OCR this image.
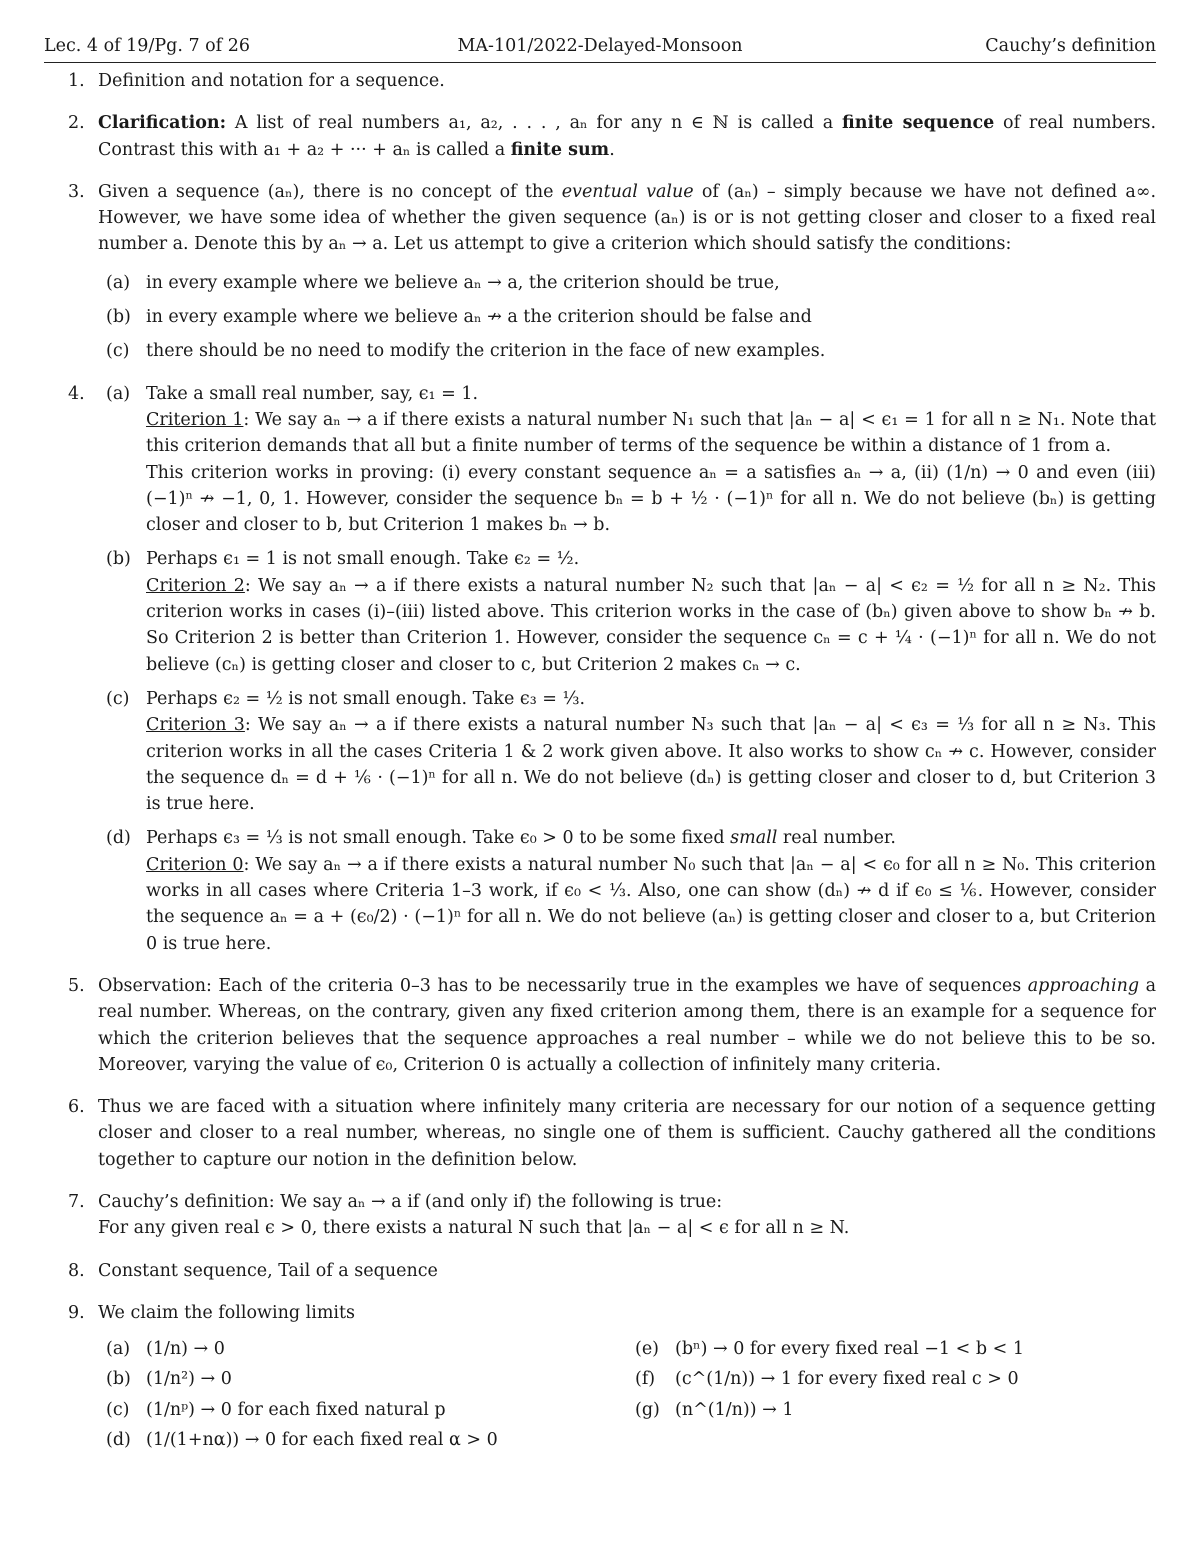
Lec. 4 of 19/Pg. 7 of 26	MA-101/2022-Delayed-Monsoon	Cauchy’s definition
1. Definition and notation for a sequence.
2. Clarification: A list of real numbers a₁, a₂, . . . , aₙ for any n ∈ ℕ is called a finite sequence of real numbers. Contrast this with a₁ + a₂ + ··· + aₙ is called a finite sum.
3. Given a sequence (aₙ), there is no concept of the eventual value of (aₙ) – simply because we have not defined a∞. However, we have some idea of whether the given sequence (aₙ) is or is not getting closer and closer to a fixed real number a. Denote this by aₙ → a. Let us attempt to give a criterion which should satisfy the conditions:
(a) in every example where we believe aₙ → a, the criterion should be true,
(b) in every example where we believe aₙ ↛ a the criterion should be false and
(c) there should be no need to modify the criterion in the face of new examples.
4. (a) Take a small real number, say, ϵ₁ = 1.
Criterion 1: We say aₙ → a if there exists a natural number N₁ such that |aₙ − a| < ϵ₁ = 1 for all n ≥ N₁. Note that this criterion demands that all but a finite number of terms of the sequence be within a distance of 1 from a.
This criterion works in proving: (i) every constant sequence aₙ = a satisfies aₙ → a, (ii) (1/n) → 0 and even (iii) (−1)ⁿ ↛ −1, 0, 1. However, consider the sequence bₙ = b + ½ · (−1)ⁿ for all n. We do not believe (bₙ) is getting closer and closer to b, but Criterion 1 makes bₙ → b.
(b) Perhaps ϵ₁ = 1 is not small enough. Take ϵ₂ = ½.
Criterion 2: We say aₙ → a if there exists a natural number N₂ such that |aₙ − a| < ϵ₂ = ½ for all n ≥ N₂. This criterion works in cases (i)–(iii) listed above. This criterion works in the case of (bₙ) given above to show bₙ ↛ b. So Criterion 2 is better than Criterion 1. However, consider the sequence cₙ = c + ¼ · (−1)ⁿ for all n. We do not believe (cₙ) is getting closer and closer to c, but Criterion 2 makes cₙ → c.
(c) Perhaps ϵ₂ = ½ is not small enough. Take ϵ₃ = ⅓.
Criterion 3: We say aₙ → a if there exists a natural number N₃ such that |aₙ − a| < ϵ₃ = ⅓ for all n ≥ N₃. This criterion works in all the cases Criteria 1 & 2 work given above. It also works to show cₙ ↛ c. However, consider the sequence dₙ = d + ⅙ · (−1)ⁿ for all n. We do not believe (dₙ) is getting closer and closer to d, but Criterion 3 is true here.
(d) Perhaps ϵ₃ = ⅓ is not small enough. Take ϵ₀ > 0 to be some fixed small real number.
Criterion 0: We say aₙ → a if there exists a natural number N₀ such that |aₙ − a| < ϵ₀ for all n ≥ N₀. This criterion works in all cases where Criteria 1–3 work, if ϵ₀ < ⅓. Also, one can show (dₙ) ↛ d if ϵ₀ ≤ ⅙. However, consider the sequence aₙ = a + (ϵ₀/2) · (−1)ⁿ for all n. We do not believe (aₙ) is getting closer and closer to a, but Criterion 0 is true here.
5. Observation: Each of the criteria 0–3 has to be necessarily true in the examples we have of sequences approaching a real number. Whereas, on the contrary, given any fixed criterion among them, there is an example for a sequence for which the criterion believes that the sequence approaches a real number – while we do not believe this to be so. Moreover, varying the value of ϵ₀, Criterion 0 is actually a collection of infinitely many criteria.
6. Thus we are faced with a situation where infinitely many criteria are necessary for our notion of a sequence getting closer and closer to a real number, whereas, no single one of them is sufficient. Cauchy gathered all the conditions together to capture our notion in the definition below.
7. Cauchy’s definition: We say aₙ → a if (and only if) the following is true:
For any given real ϵ > 0, there exists a natural N such that |aₙ − a| < ϵ for all n ≥ N.
8. Constant sequence, Tail of a sequence
9. We claim the following limits
(a) (1/n) → 0
(b) (1/n²) → 0
(c) (1/nᵖ) → 0 for each fixed natural p
(d) (1/(1+nα)) → 0 for each fixed real α > 0
(e) (bⁿ) → 0 for every fixed real −1 < b < 1
(f) (c^(1/n)) → 1 for every fixed real c > 0
(g) (n^(1/n)) → 1
